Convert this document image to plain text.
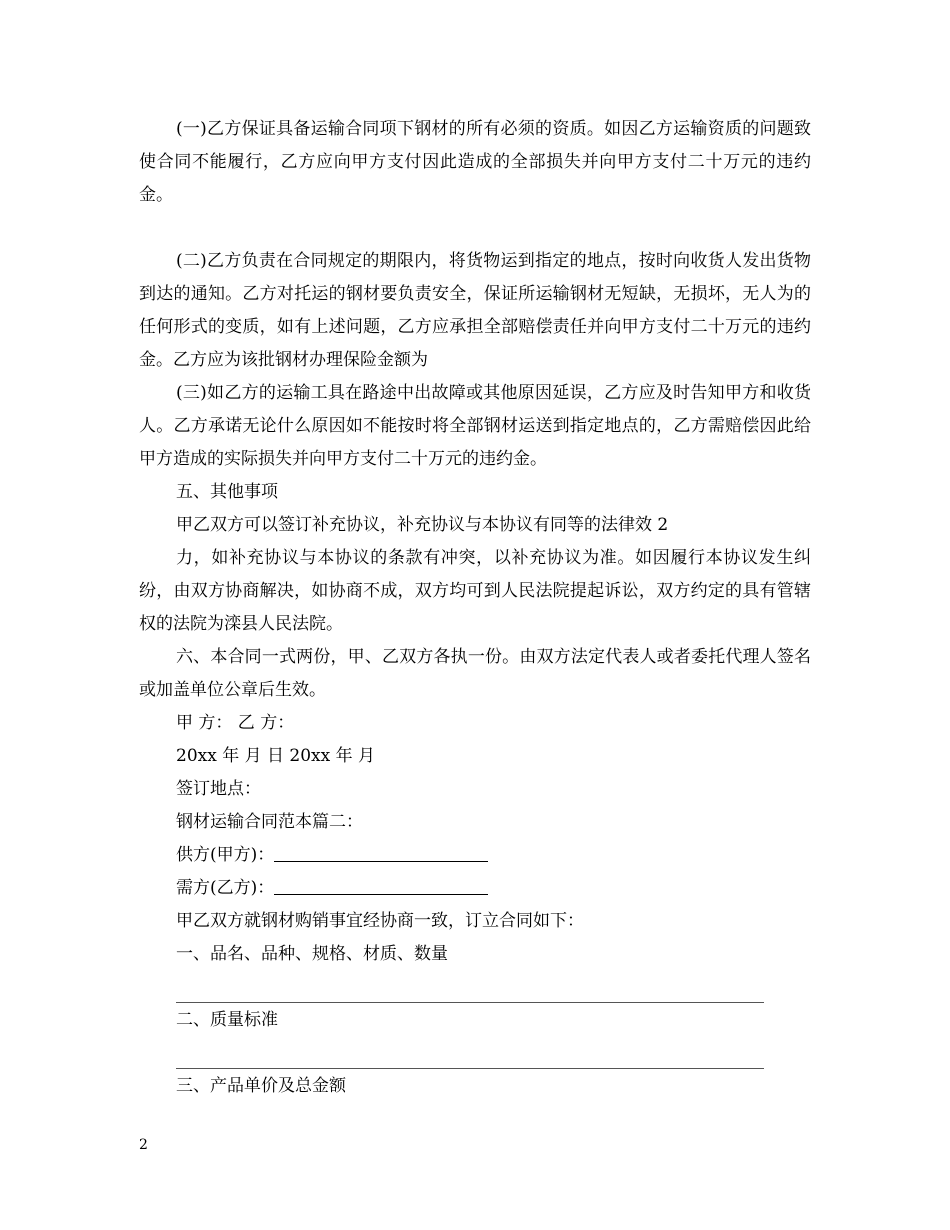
(一)乙方保证具备运输合同项下钢材的所有必须的资质。如因乙方运输资质的问题致使合同不能履行，乙方应向甲方支付因此造成的全部损失并向甲方支付二十万元的违约金。

(二)乙方负责在合同规定的期限内，将货物运到指定的地点，按时向收货人发出货物到达的通知。乙方对托运的钢材要负责安全，保证所运输钢材无短缺，无损坏，无人为的任何形式的变质，如有上述问题，乙方应承担全部赔偿责任并向甲方支付二十万元的违约金。乙方应为该批钢材办理保险金额为

(三)如乙方的运输工具在路途中出故障或其他原因延误，乙方应及时告知甲方和收货人。乙方承诺无论什么原因如不能按时将全部钢材运送到指定地点的，乙方需赔偿因此给甲方造成的实际损失并向甲方支付二十万元的违约金。

五、其他事项

甲乙双方可以签订补充协议，补充协议与本协议有同等的法律效 2

力，如补充协议与本协议的条款有冲突，以补充协议为准。如因履行本协议发生纠纷，由双方协商解决，如协商不成，双方均可到人民法院提起诉讼，双方约定的具有管辖权的法院为滦县人民法院。

六、本合同一式两份，甲、乙双方各执一份。由双方法定代表人或者委托代理人签名或加盖单位公章后生效。

甲 方： 乙 方：

20xx 年 月 日 20xx 年 月

签订地点：

钢材运输合同范本篇二：

供方(甲方)：

需方(乙方)：

甲乙双方就钢材购销事宜经协商一致，订立合同如下：

一、品名、品种、规格、材质、数量

二、质量标准

三、产品单价及总金额

2
